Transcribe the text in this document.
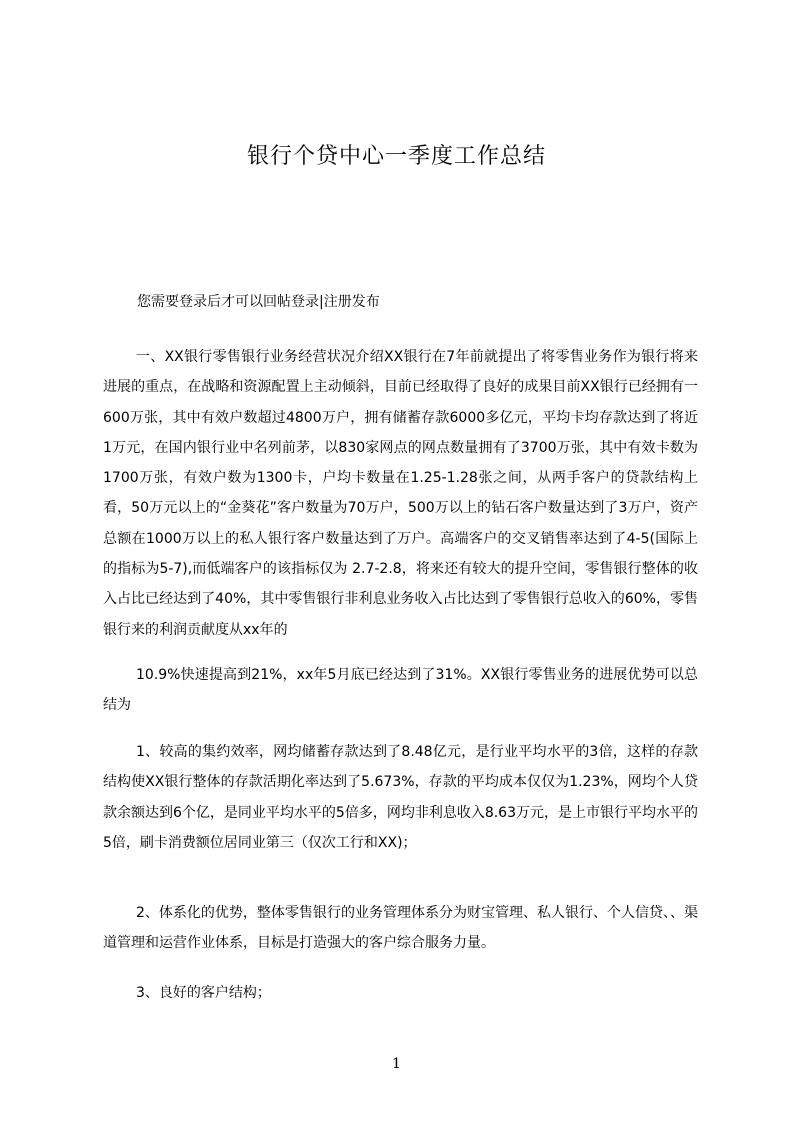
银行个贷中心一季度工作总结

您需要登录后才可以回帖登录|注册发布

一、XX银行零售银行业务经营状况介绍XX银行在7年前就提出了将零售业务作为银行将来进展的重点，在战略和资源配置上主动倾斜，目前已经取得了良好的成果目前XX银行已经拥有一600万张，其中有效户数超过4800万户，拥有储蓄存款6000多亿元，平均卡均存款达到了将近1万元，在国内银行业中名列前茅，以830家网点的网点数量拥有了3700万张，其中有效卡数为1700万张，有效户数为1300卡，户均卡数量在1.25-1.28张之间，从两手客户的贷款结构上看，50万元以上的“金葵花”客户数量为70万户，500万以上的钻石客户数量达到了3万户，资产总额在1000万以上的私人银行客户数量达到了万户。高端客户的交叉销售率达到了4-5(国际上的指标为5-7),而低端客户的该指标仅为 2.7-2.8，将来还有较大的提升空间，零售银行整体的收入占比已经达到了40%，其中零售银行非利息业务收入占比达到了零售银行总收入的60%，零售银行来的利润贡献度从xx年的

10.9%快速提高到21%，xx年5月底已经达到了31%。XX银行零售业务的进展优势可以总结为

1、较高的集约效率，网均储蓄存款达到了8.48亿元，是行业平均水平的3倍，这样的存款结构使XX银行整体的存款活期化率达到了5.673%，存款的平均成本仅仅为1.23%，网均个人贷款余额达到6个亿，是同业平均水平的5倍多，网均非利息收入8.63万元，是上市银行平均水平的5倍，刷卡消费额位居同业第三（仅次工行和XX)；

2、体系化的优势，整体零售银行的业务管理体系分为财宝管理、私人银行、个人信贷、、渠道管理和运营作业体系，目标是打造强大的客户综合服务力量。

3、良好的客户结构；

1
